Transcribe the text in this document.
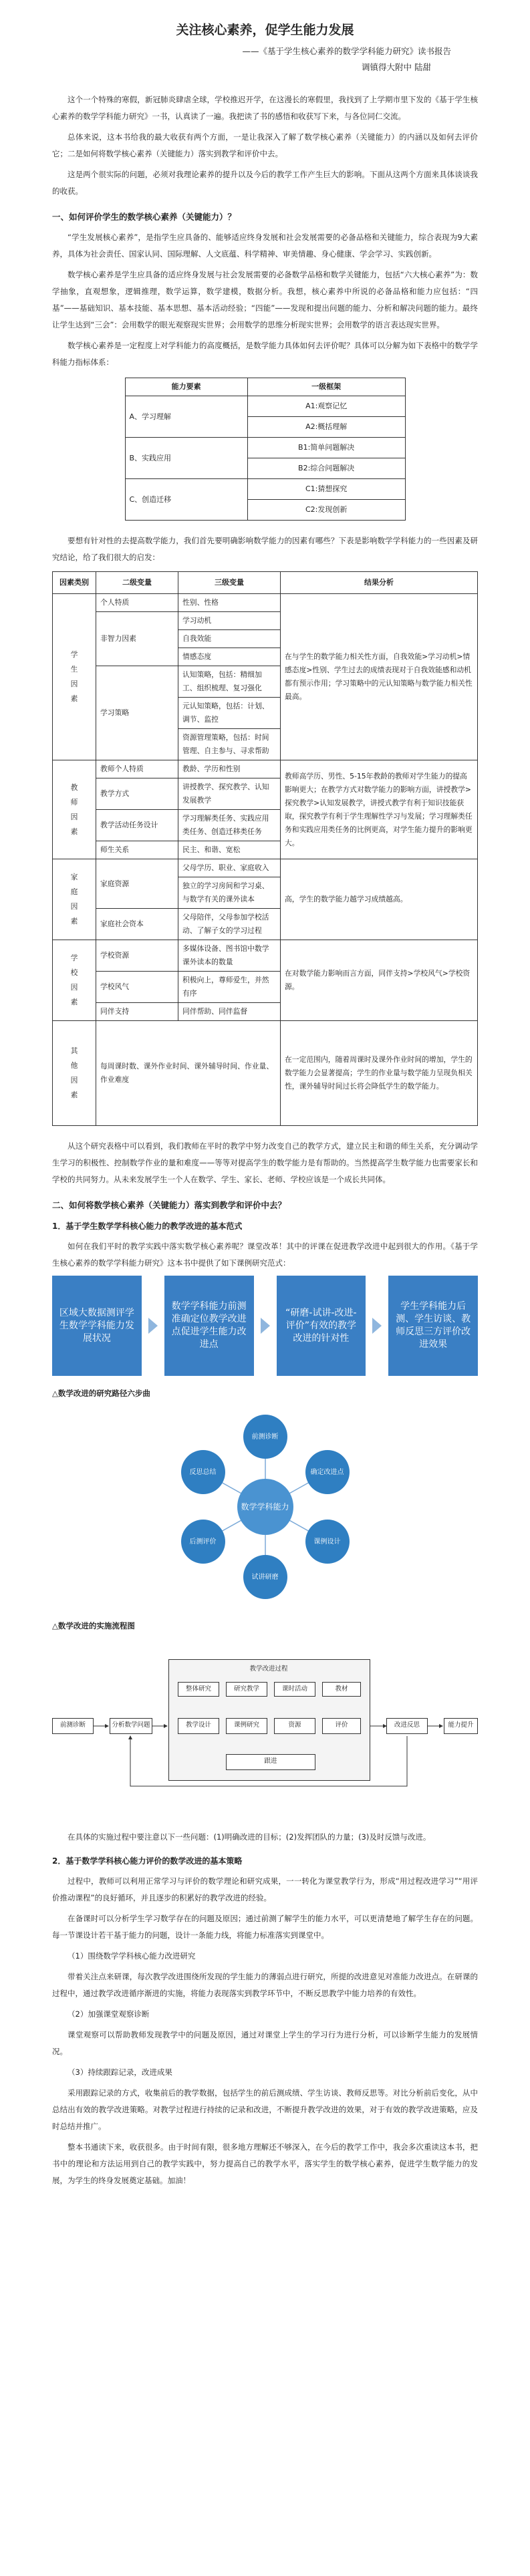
关注核心素养，促学生能力发展
——《基于学生核心素养的数学学科能力研究》读书报告
调镇得大附中 陆甜

这个一个特殊的寒假，新冠肺炎肆虐全球，学校推迟开学，在这漫长的寒假里，我找到了上学期市里下发的《基于学生核心素养的数学学科能力研究》一书，认真读了一遍。我把读了书的感悟和收获写下来，与各位同仁交流。

总体来说，这本书给我的最大收获有两个方面，一是让我深入了解了数学核心素养（关键能力）的内涵以及如何去评价它；二是如何将数学核心素养（关键能力）落实到教学和评价中去。

这是两个很实际的问题，必须对我理论素养的提升以及今后的教学工作产生巨大的影响。下面从这两个方面来具体谈谈我的收获。

一、如何评价学生的数学核心素养（关键能力）？

“学生发展核心素养”，是指学生应具备的、能够适应终身发展和社会发展需要的必备品格和关键能力，综合表现为9大素养，具体为社会责任、国家认同、国际理解、人文底蕴、科学精神、审美情趣、身心健康、学会学习、实践创新。

数学核心素养是学生应具备的适应终身发展与社会发展需要的必备数学品格和数学关键能力，包括“六大核心素养”为：数学抽象，直观想象，逻辑推理，数学运算，数学建模，数据分析。我想，核心素养中所说的必备品格和能力应包括：“四基”——基础知识、基本技能、基本思想、基本活动经验；“四能”——发现和提出问题的能力、分析和解决问题的能力。最终让学生达到“三会”：会用数学的眼光观察现实世界；会用数学的思维分析现实世界；会用数学的语言表达现实世界。

数学核心素养是一定程度上对学科能力的高度概括，是数学能力具体如何去评价呢？具体可以分解为如下表格中的数学学科能力指标体系：

能力要素	一级框架
A、学习理解	A1:观察记忆
	A2:概括理解
B、实践应用	B1:简单问题解决
	B2:综合问题解决
C、创造迁移	C1:猜想探究
	C2:发现创新

要想有针对性的去提高数学能力，我们首先要明确影响数学能力的因素有哪些？下表是影响数学学科能力的一些因素及研究结论，给了我们很大的启发：

因素类别	二级变量	三级变量	结果分析
学生因素	个人特质	性别、性格	在与学生的数学能力相关性方面，自我效能>学习动机>情感态度>性别、学生过去的成绩表现对于自我效能感和动机都有预示作用；学习策略中的元认知策略与数学能力相关性最高。
	非智力因素	学习动机	
		自我效能	
		情感态度	
	学习策略	认知策略，包括：精细加工、组织梳理、复习强化	
		元认知策略，包括：计划、调节、监控	
		资源管理策略，包括：时间管理、自主参与、寻求帮助	
教师因素	教师个人特质	教龄、学历和性别	教师高学历、男性、5-15年教龄的教师对学生能力的提高影响更大；在教学方式对数学能力的影响方面，讲授教学>探究教学>认知发展教学，讲授式教学有利于知识技能获取，探究教学有利于学生理解性学习与发展；学习理解类任务和实践应用类任务的比例更高，对学生能力提升的影响更大。
	教学方式	讲授教学、探究教学、认知发展教学	
	教学活动任务设计	学习理解类任务、实践应用类任务、创造迁移类任务	
	师生关系	民主、和谐、宽松	
家庭因素	家庭资源	父母学历、职业、家庭收入	高，学生的数学能力越学习成绩越高。
		独立的学习房间和学习桌、与数学有关的课外读本	
	家庭社会资本	父母陪伴，父母参加学校活动、了解子女的学习过程	
学校因素	学校资源	多媒体设备、图书馆中数学课外读本的数量	在对数学能力影响而言方面，同伴支持>学校风气>学校资源。
	学校风气	积极向上，尊师爱生，并然有序	
	同伴支持	同伴帮助、同伴监督	
其他因素	每周课时数、课外作业时间、课外辅导时间、作业量、作业难度		在一定范围内，随着周课时及课外作业时间的增加，学生的数学能力会显著提高；学生的作业量与数学能力呈现负相关性，课外辅导时间过长将会降低学生的数学能力。

从这个研究表格中可以看到，我们教师在平时的教学中努力改变自己的教学方式，建立民主和谐的师生关系，充分调动学生学习的积极性、控制数学作业的量和难度——等等对提高学生的数学能力是有帮助的。当然提高学生数学能力也需要家长和学校的共同努力。从未来发展学生一个人在数学、学生、家长、老师、学校应该是一个成长共同体。

二、如何将数学核心素养（关键能力）落实到教学和评价中去？
1．基于学生数学学科核心能力的教学改进的基本范式

如何在我们平时的教学实践中落实数学核心素养呢？课堂改革！其中的评课在促进教学改进中起到很大的作用。《基于学生核心素养的数学学科能力研究》这本书中提供了如下课例研究范式：

区域大数据测评学生数学学科能力发展状况
数学学科能力前测准确定位教学改进点促进学生能力改进点
“研磨-试讲-改进-评价”有效的教学改进的针对性
学生学科能力后测、学生访谈、教师反思三方评价改进效果
△数学改进的研究路径六步曲
数学学科能力
前测诊断
确定改进点
课例设计
试讲研磨
后测评价
反思总结
△数学改进的实施流程图
前测诊断	分析数学问题
教学改进过程
整体研究	研究教学	课时活动	教材
教学设计	课例研究	资源	评价
跟进
改进反思	能力提升

在具体的实施过程中要注意以下一些问题：(1)明确改进的目标；(2)发挥团队的力量；(3)及时反馈与改进。

2．基于数学学科核心能力评价的数学改进的基本策略

过程中，教师可以利用正常学习与评价的数学理论和研究成果，一一转化为课堂教学行为，形成“用过程改进学习”“用评价推动课程”的良好循环，并且逐步的积累好的教学改进的经验。

在备课时可以分析学生学习数学存在的问题及原因；通过前测了解学生的能力水平，可以更清楚地了解学生存在的问题。每一节课设计若干基于能力的问题，设计一条能力线，将能力标准落实到课堂中。

（1）围绕数学学科核心能力改进研究

带着关注点来研课，每次教学改进围绕所发现的学生能力的薄弱点进行研究，所提的改进意见对准能力改进点。在研课的过程中，通过教学改进循序渐进的实施，将能力表现落实到教学环节中，不断反思教学中能力培养的有效性。

（2）加强课堂观察诊断

课堂观察可以帮助教师发现教学中的问题及原因，通过对课堂上学生的学习行为进行分析，可以诊断学生能力的发展情况。

（3）持续跟踪记录，改进成果

采用跟踪记录的方式，收集前后的教学数据，包括学生的前后测成绩、学生访谈、教师反思等。对比分析前后变化，从中总结出有效的教学改进策略。对教学过程进行持续的记录和改进，不断提升教学改进的效果，对于有效的教学改进策略，应及时总结并推广。

整本书通读下来，收获很多。由于时间有限，很多地方理解还不够深入，在今后的教学工作中，我会多次重读这本书，把书中的理论和方法运用到自己的教学实践中，努力提高自己的教学水平，落实学生的数学核心素养，促进学生数学能力的发展，为学生的终身发展奠定基础。加油！
